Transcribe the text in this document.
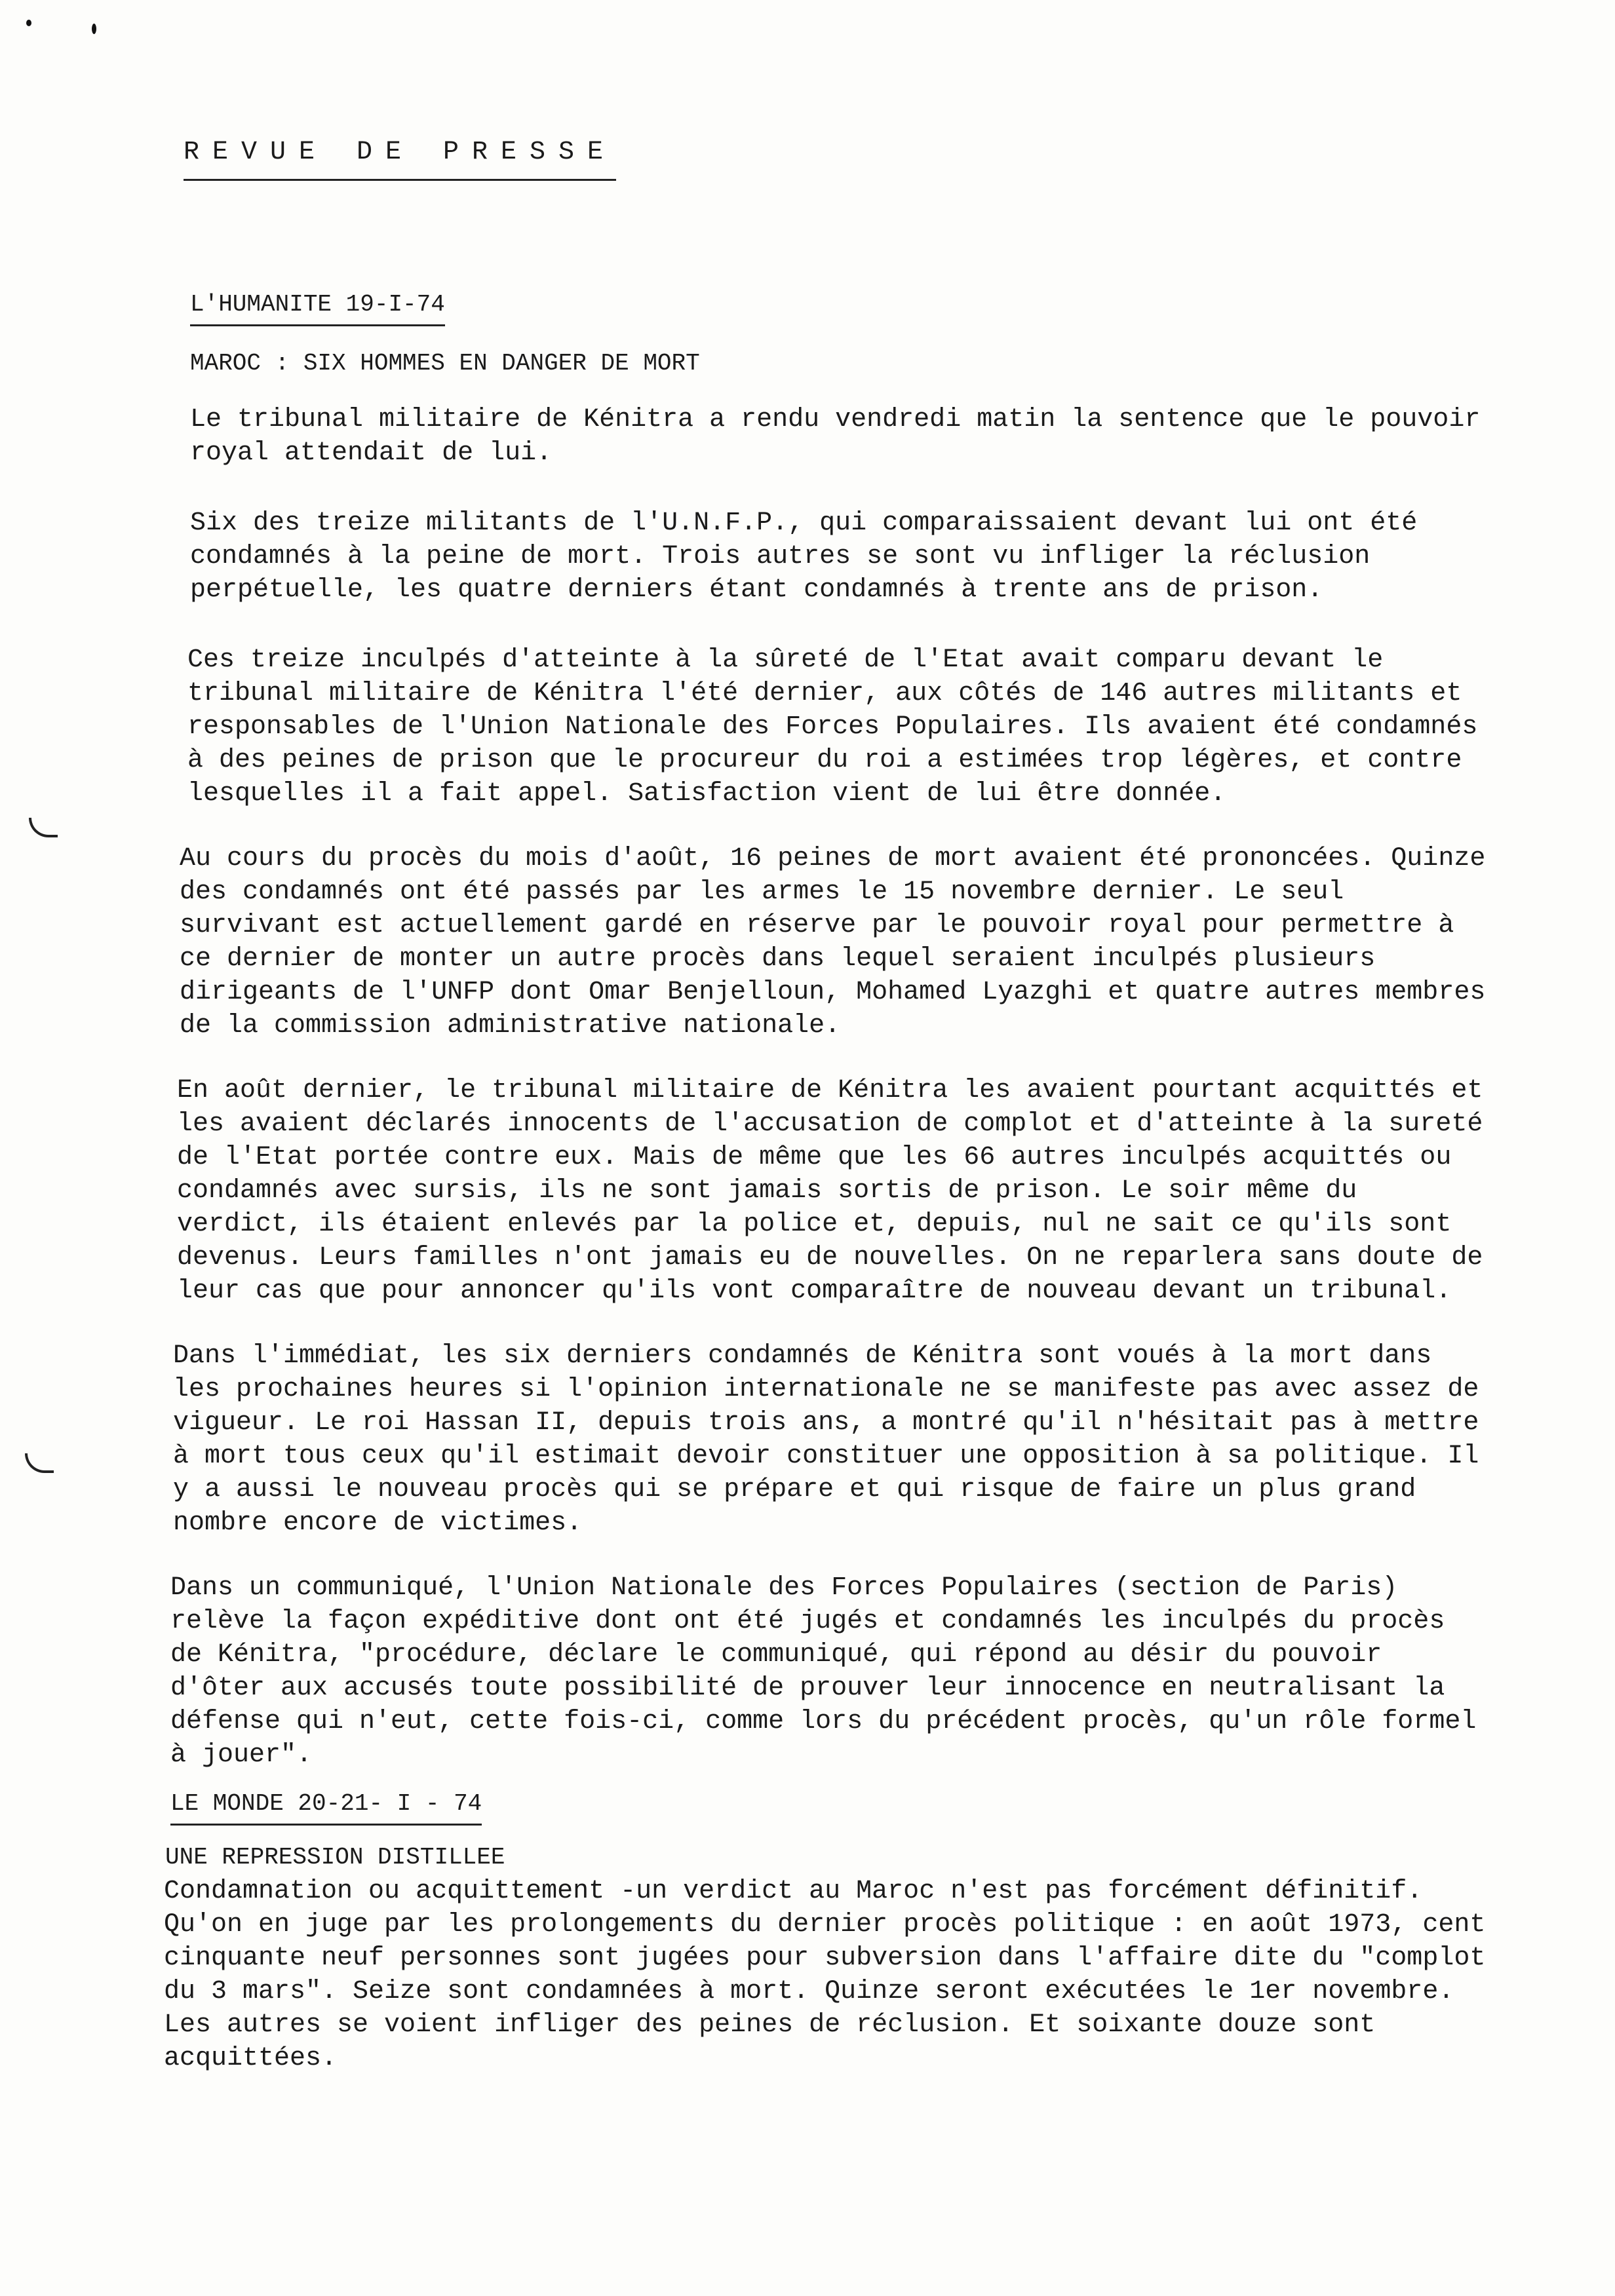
REVUE DE PRESSE
L'HUMANITE 19-I-74
MAROC : SIX HOMMES EN DANGER DE MORT

Le tribunal militaire de Kénitra a rendu vendredi matin la sentence que le pouvoir royal attendait de lui.

Six des treize militants de l'U.N.F.P., qui comparaissaient devant lui ont été condamnés à la peine de mort. Trois autres se sont vu infliger la réclusion perpétuelle, les quatre derniers étant condamnés à trente ans de prison.

Ces treize inculpés d'atteinte à la sûreté de l'Etat avait comparu devant le tribunal militaire de Kénitra l'été dernier, aux côtés de 146 autres militants et responsables de l'Union Nationale des Forces Populaires. Ils avaient été condamnés à des peines de prison que le procureur du roi a estimées trop légères, et contre lesquelles il a fait appel. Satisfaction vient de lui être donnée.

Au cours du procès du mois d'août, 16 peines de mort avaient été prononcées. Quinze des condamnés ont été passés par les armes le 15 novembre dernier. Le seul survivant est actuellement gardé en réserve par le pouvoir royal pour permettre à ce dernier de monter un autre procès dans lequel seraient inculpés plusieurs dirigeants de l'UNFP dont Omar Benjelloun, Mohamed Lyazghi et quatre autres membres de la commission administrative nationale.

En août dernier, le tribunal militaire de Kénitra les avaient pourtant acquittés et les avaient déclarés innocents de l'accusation de complot et d'atteinte à la sureté de l'Etat portée contre eux. Mais de même que les 66 autres inculpés acquittés ou condamnés avec sursis, ils ne sont jamais sortis de prison. Le soir même du verdict, ils étaient enlevés par la police et, depuis, nul ne sait ce qu'ils sont devenus. Leurs familles n'ont jamais eu de nouvelles. On ne reparlera sans doute de leur cas que pour annoncer qu'ils vont comparaître de nouveau devant un tribunal.

Dans l'immédiat, les six derniers condamnés de Kénitra sont voués à la mort dans les prochaines heures si l'opinion internationale ne se manifeste pas avec assez de vigueur. Le roi Hassan II, depuis trois ans, a montré qu'il n'hésitait pas à mettre à mort tous ceux qu'il estimait devoir constituer une opposition à sa politique. Il y a aussi le nouveau procès qui se prépare et qui risque de faire un plus grand nombre encore de victimes.

Dans un communiqué, l'Union Nationale des Forces Populaires (section de Paris) relève la façon expéditive dont ont été jugés et condamnés les inculpés du procès de Kénitra, "procédure, déclare le communiqué, qui répond au désir du pouvoir d'ôter aux accusés toute possibilité de prouver leur innocence en neutralisant la défense qui n'eut, cette fois-ci, comme lors du précédent procès, qu'un rôle formel à jouer".

LE MONDE 20-21- I - 74
UNE REPRESSION DISTILLEE

Condamnation ou acquittement -un verdict au Maroc n'est pas forcément définitif. Qu'on en juge par les prolongements du dernier procès politique : en août 1973, cent cinquante neuf personnes sont jugées pour subversion dans l'affaire dite du "complot du 3 mars". Seize sont condamnées à mort. Quinze seront exécutées le 1er novembre. Les autres se voient infliger des peines de réclusion. Et soixante douze sont acquittées.
